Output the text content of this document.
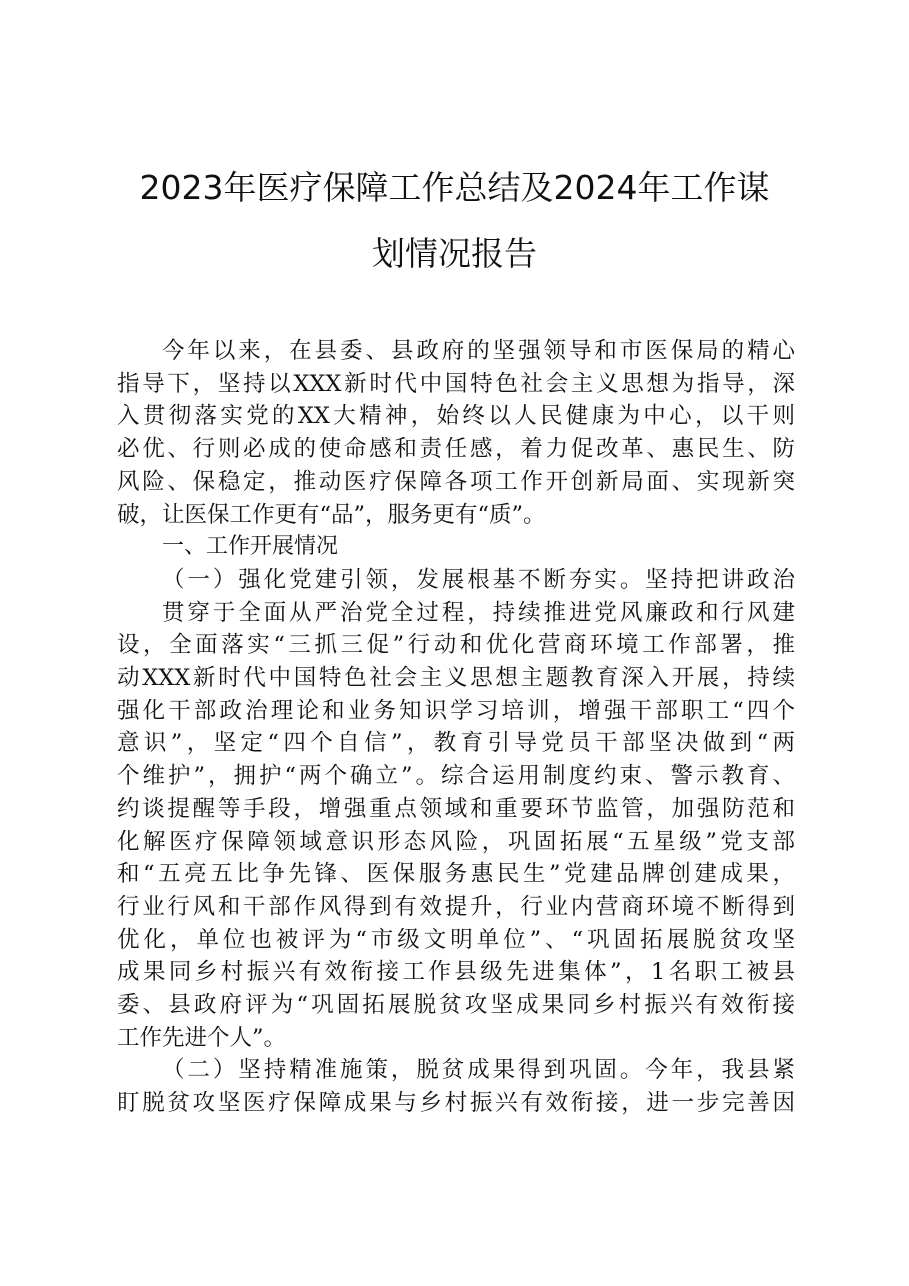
2023年医疗保障工作总结及2024年工作谋
划情况报告
今年以来，在县委、县政府的坚强领导和市医保局的精心
指导下，坚持以XXX新时代中国特色社会主义思想为指导，深
入贯彻落实党的XX大精神，始终以人民健康为中心，以干则
必优、行则必成的使命感和责任感，着力促改革、惠民生、防
风险、保稳定，推动医疗保障各项工作开创新局面、实现新突
破，让医保工作更有“品”，服务更有“质”。
一、工作开展情况
（一）强化党建引领，发展根基不断夯实。坚持把讲政治
贯穿于全面从严治党全过程，持续推进党风廉政和行风建
设，全面落实“三抓三促”行动和优化营商环境工作部署，推
动XXX新时代中国特色社会主义思想主题教育深入开展，持续
强化干部政治理论和业务知识学习培训，增强干部职工“四个
意识”，坚定“四个自信”，教育引导党员干部坚决做到“两
个维护”，拥护“两个确立”。综合运用制度约束、警示教育、
约谈提醒等手段，增强重点领域和重要环节监管，加强防范和
化解医疗保障领域意识形态风险，巩固拓展“五星级”党支部
和“五亮五比争先锋、医保服务惠民生”党建品牌创建成果，
行业行风和干部作风得到有效提升，行业内营商环境不断得到
优化，单位也被评为“市级文明单位”、“巩固拓展脱贫攻坚
成果同乡村振兴有效衔接工作县级先进集体”，1名职工被县
委、县政府评为“巩固拓展脱贫攻坚成果同乡村振兴有效衔接
工作先进个人”。
（二）坚持精准施策，脱贫成果得到巩固。今年，我县紧
盯脱贫攻坚医疗保障成果与乡村振兴有效衔接，进一步完善因
